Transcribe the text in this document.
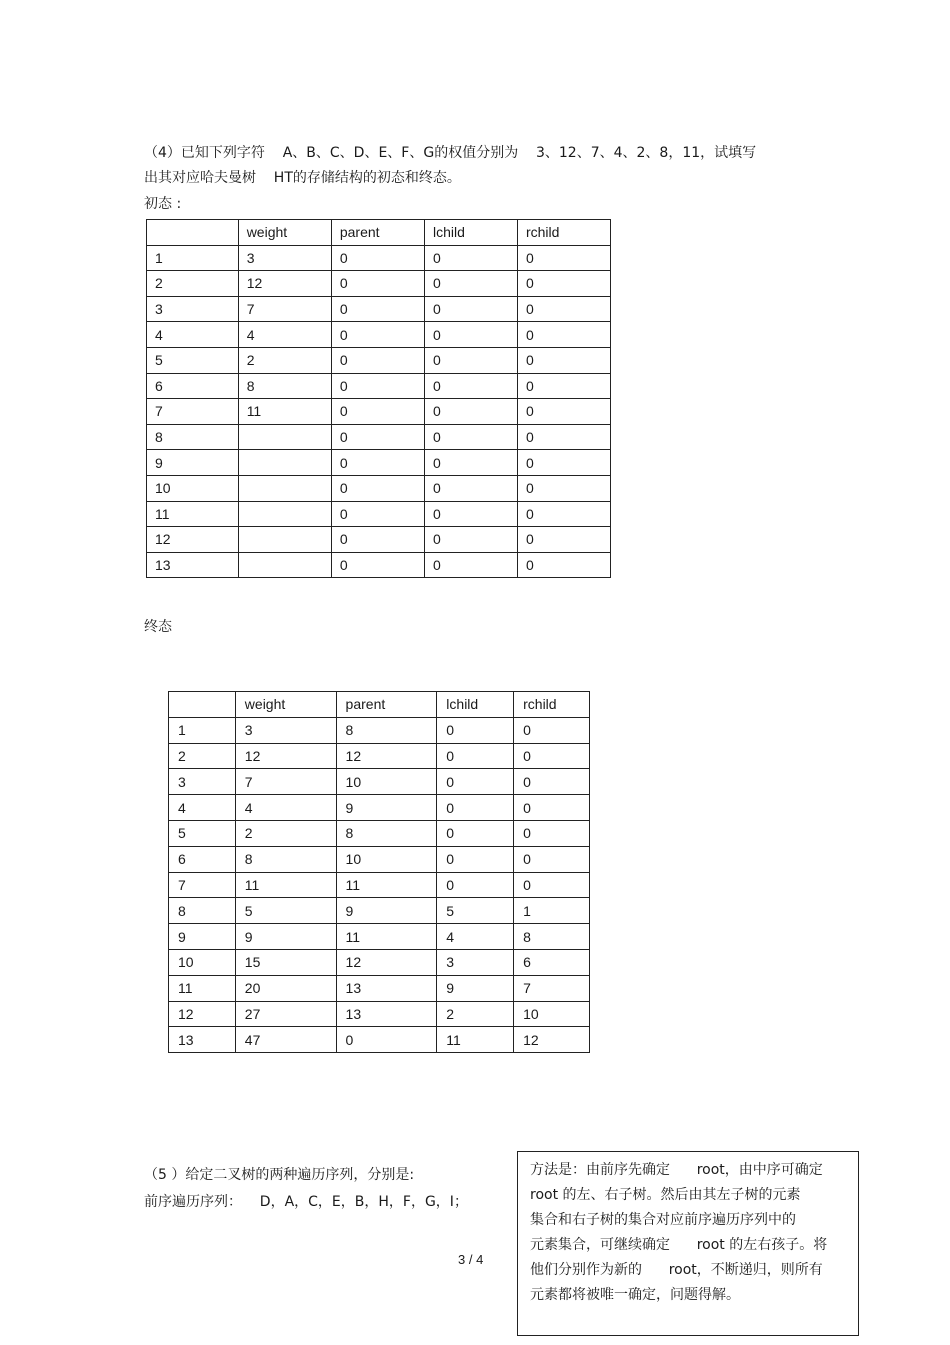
（4）已知下列字符    A、B、C、D、E、F、G的权值分别为    3、12、7、4、2、8，11，试填写
出其对应哈夫曼树    HT的存储结构的初态和终态。
初态 :
	weight	parent	lchild	rchild
1	3	0	0	0
2	12	0	0	0
3	7	0	0	0
4	4	0	0	0
5	2	0	0	0
6	8	0	0	0
7	11	0	0	0
8		0	0	0
9		0	0	0
10		0	0	0
11		0	0	0
12		0	0	0
13		0	0	0
终态
	weight	parent	lchild	rchild
1	3	8	0	0
2	12	12	0	0
3	7	10	0	0
4	4	9	0	0
5	2	8	0	0
6	8	10	0	0
7	11	11	0	0
8	5	9	5	1
9	9	11	4	8
10	15	12	3	6
11	20	13	9	7
12	27	13	2	10
13	47	0	11	12
（5 ）给定二叉树的两种遍历序列，分别是:
前序遍历序列：    D，A，C，E，B，H，F，G，I；
方法是：由前序先确定      root，由中序可确定
root 的左、右子树。然后由其左子树的元素
集合和右子树的集合对应前序遍历序列中的
元素集合，可继续确定      root 的左右孩子。将
他们分别作为新的      root，不断递归，则所有
元素都将被唯一确定，问题得解。
3 / 4
